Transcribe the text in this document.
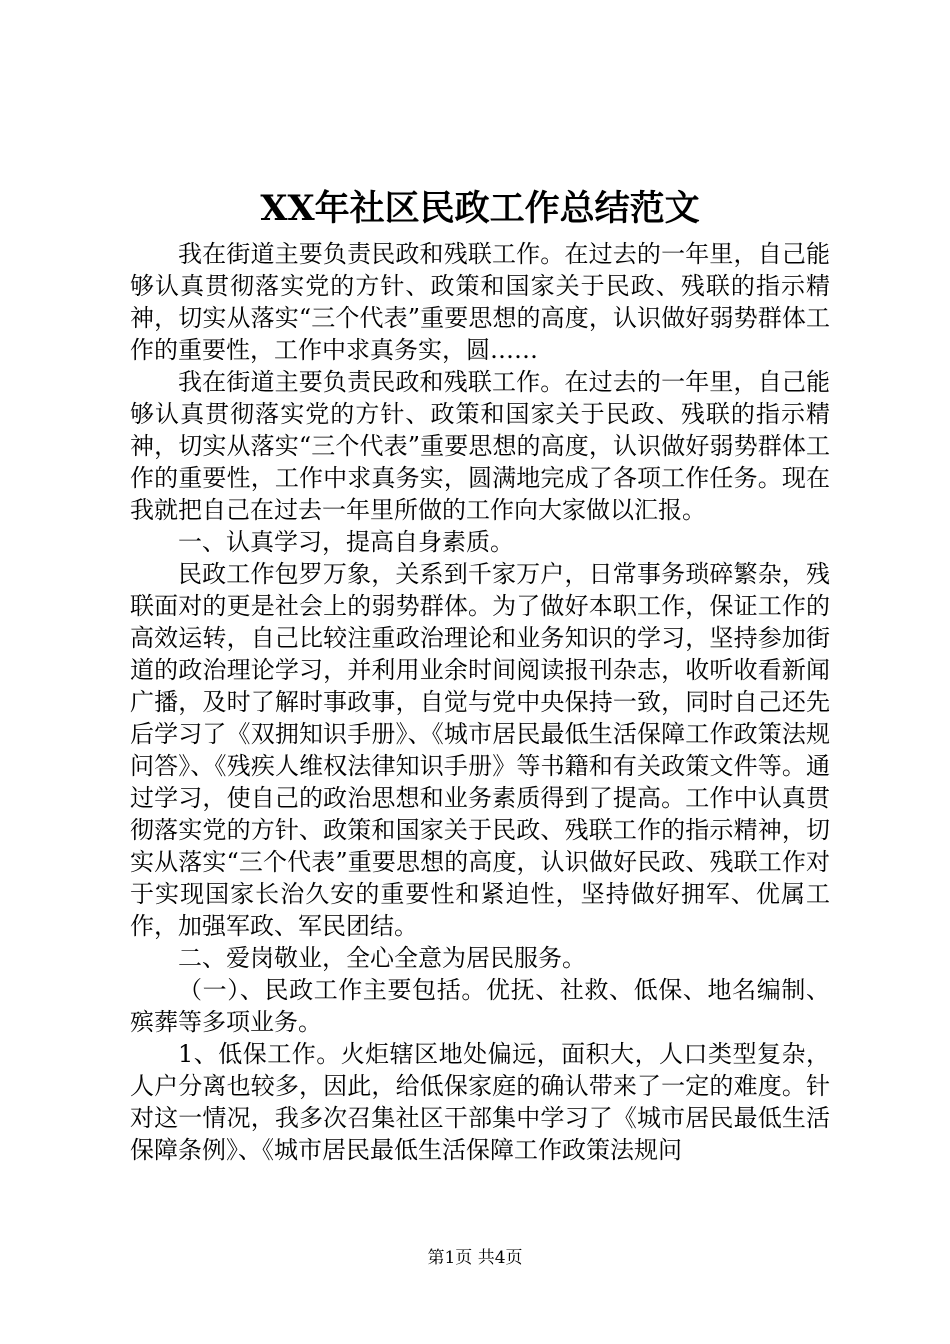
XX年社区民政工作总结范文

我在街道主要负责民政和残联工作。在过去的一年里，自己能够认真贯彻落实党的方针、政策和国家关于民政、残联的指示精神，切实从落实“三个代表”重要思想的高度，认识做好弱势群体工作的重要性，工作中求真务实，圆……

我在街道主要负责民政和残联工作。在过去的一年里，自己能够认真贯彻落实党的方针、政策和国家关于民政、残联的指示精神，切实从落实“三个代表”重要思想的高度，认识做好弱势群体工作的重要性，工作中求真务实，圆满地完成了各项工作任务。现在我就把自己在过去一年里所做的工作向大家做以汇报。

一、认真学习，提高自身素质。

民政工作包罗万象，关系到千家万户，日常事务琐碎繁杂，残联面对的更是社会上的弱势群体。为了做好本职工作，保证工作的高效运转，自己比较注重政治理论和业务知识的学习，坚持参加街道的政治理论学习，并利用业余时间阅读报刊杂志，收听收看新闻广播，及时了解时事政事，自觉与党中央保持一致，同时自己还先后学习了《双拥知识手册》、《城市居民最低生活保障工作政策法规问答》、《残疾人维权法律知识手册》等书籍和有关政策文件等。通过学习，使自己的政治思想和业务素质得到了提高。工作中认真贯彻落实党的方针、政策和国家关于民政、残联工作的指示精神，切实从落实“三个代表”重要思想的高度，认识做好民政、残联工作对于实现国家长治久安的重要性和紧迫性，坚持做好拥军、优属工作，加强军政、军民团结。

二、爱岗敬业，全心全意为居民服务。

（一）、民政工作主要包括。优抚、社救、低保、地名编制、殡葬等多项业务。

1、低保工作。火炬辖区地处偏远，面积大，人口类型复杂，人户分离也较多，因此，给低保家庭的确认带来了一定的难度。针对这一情况，我多次召集社区干部集中学习了《城市居民最低生活保障条例》、《城市居民最低生活保障工作政策法规问

第1页 共4页
